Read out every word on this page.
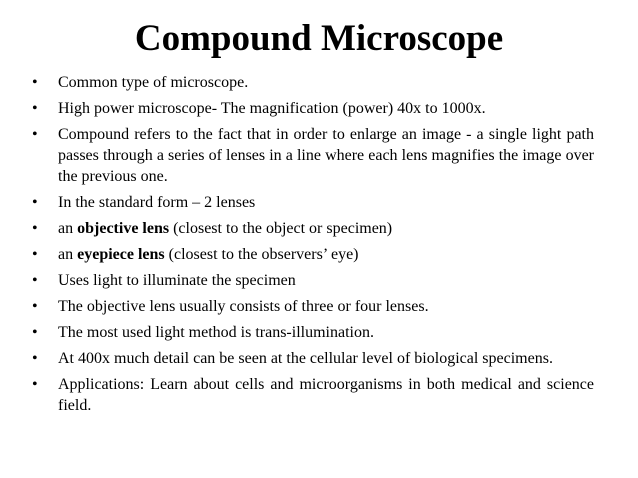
Compound Microscope
• Common type of microscope.
• High power microscope- The magnification (power) 40x to 1000x.
• Compound refers to the fact that in order to enlarge an image - a single light path passes through a series of lenses in a line where each lens magnifies the image over the previous one.
• In the standard form – 2 lenses
• an objective lens (closest to the object or specimen)
• an eyepiece lens (closest to the observers’ eye)
• Uses light to illuminate the specimen
• The objective lens usually consists of three or four lenses.
• The most used light method is trans-illumination.
• At 400x much detail can be seen at the cellular level of biological specimens.
• Applications: Learn about cells and microorganisms in both medical and science field.
